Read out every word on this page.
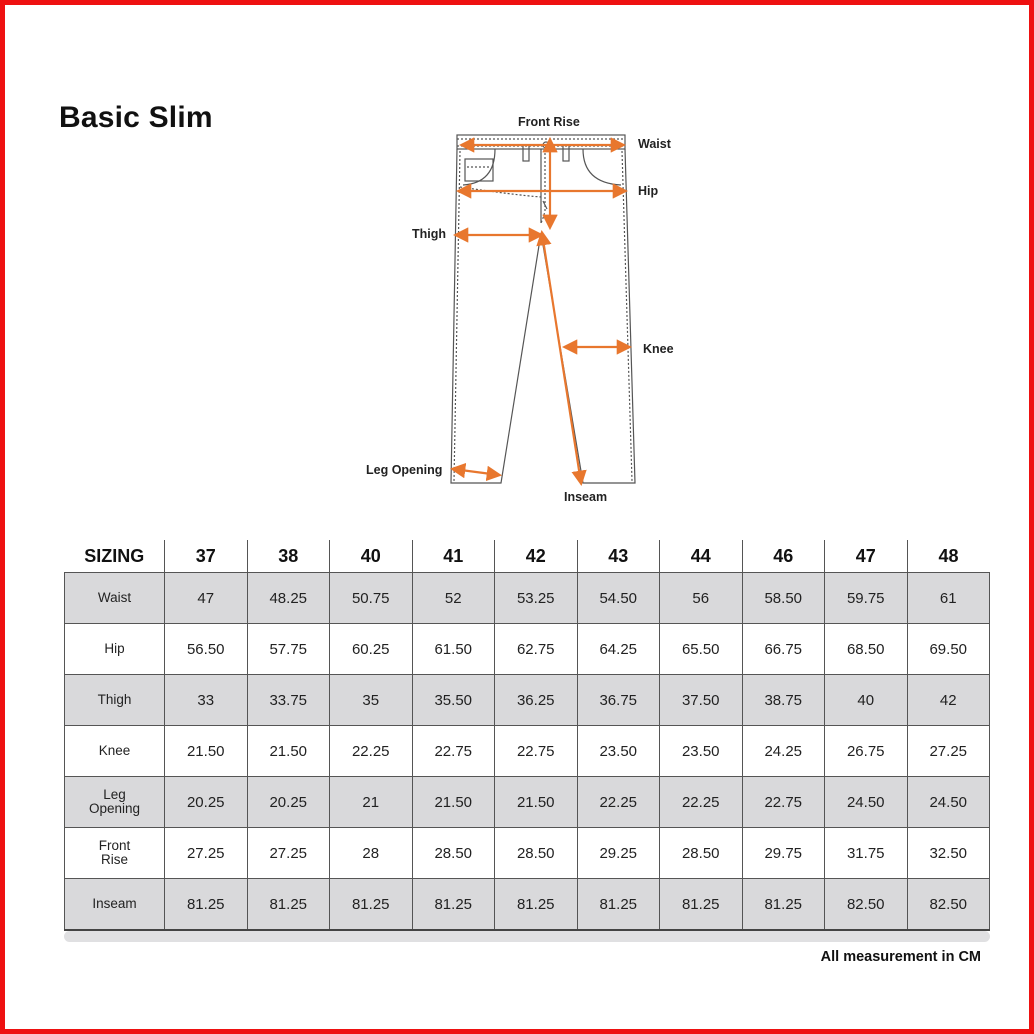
Basic Slim	Front Rise
Waist
Hip
Thigh
Knee
Leg Opening
Inseam
SIZING	37	38	40	41	42	43	44	46	47	48
Waist	47	48.25	50.75	52	53.25	54.50	56	58.50	59.75	61
Hip	56.50	57.75	60.25	61.50	62.75	64.25	65.50	66.75	68.50	69.50
Thigh	33	33.75	35	35.50	36.25	36.75	37.50	38.75	40	42
Knee	21.50	21.50	22.25	22.75	22.75	23.50	23.50	24.25	26.75	27.25
Leg
Opening	20.25	20.25	21	21.50	21.50	22.25	22.25	22.75	24.50	24.50
Front
Rise	27.25	27.25	28	28.50	28.50	29.25	28.50	29.75	31.75	32.50
Inseam	81.25	81.25	81.25	81.25	81.25	81.25	81.25	81.25	82.50	82.50
All measurement in CM
